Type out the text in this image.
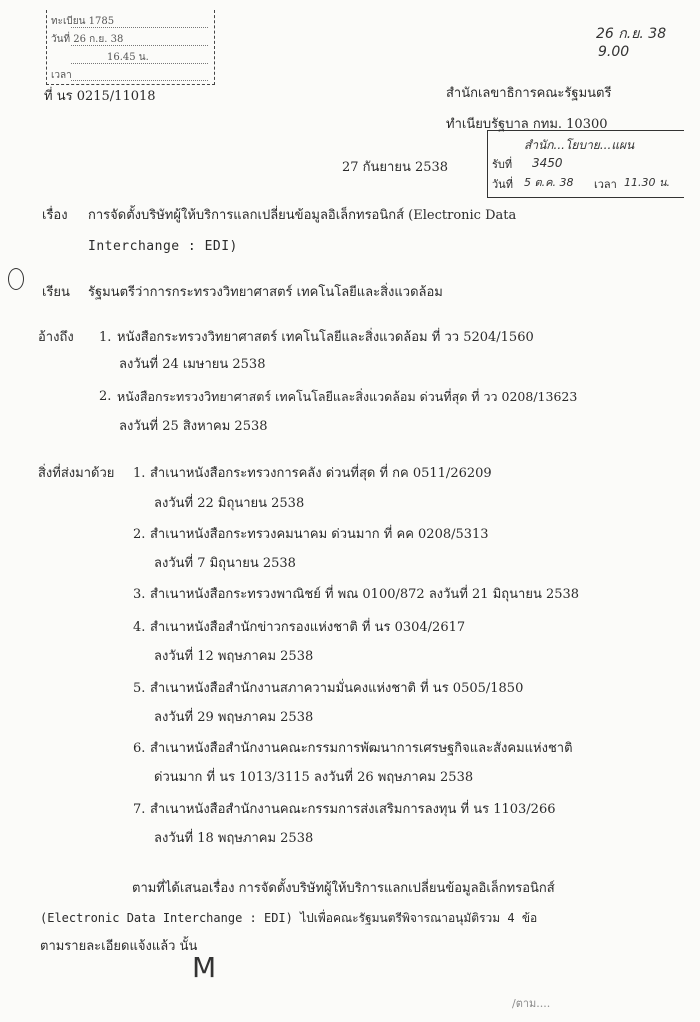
ทะเบียน 1785
วันที่ 26 ก.ย. 38
16.45 น.
เวลา
26 ก.ย. 38
9.00
ที่ นร 0215/11018	สำนักเลขาธิการคณะรัฐมนตรี
ทำเนียบรัฐบาล กทม. 10300
27 กันยายน 2538
สำนัก...โยบาย...แผน
รับที่ 3450
วันที่ 5 ต.ค. 38 เวลา 11.30 น.
เรื่อง การจัดตั้งบริษัทผู้ให้บริการแลกเปลี่ยนข้อมูลอิเล็กทรอนิกส์ (Electronic Data
Interchange : EDI)
เรียน รัฐมนตรีว่าการกระทรวงวิทยาศาสตร์ เทคโนโลยีและสิ่งแวดล้อม
อ้างถึง 1. หนังสือกระทรวงวิทยาศาสตร์ เทคโนโลยีและสิ่งแวดล้อม ที่ วว 5204/1560
ลงวันที่ 24 เมษายน 2538
2. หนังสือกระทรวงวิทยาศาสตร์ เทคโนโลยีและสิ่งแวดล้อม ด่วนที่สุด ที่ วว 0208/13623
ลงวันที่ 25 สิงหาคม 2538
สิ่งที่ส่งมาด้วย 1. สำเนาหนังสือกระทรวงการคลัง ด่วนที่สุด ที่ กค 0511/26209
ลงวันที่ 22 มิถุนายน 2538
2. สำเนาหนังสือกระทรวงคมนาคม ด่วนมาก ที่ คค 0208/5313
ลงวันที่ 7 มิถุนายน 2538
3. สำเนาหนังสือกระทรวงพาณิชย์ ที่ พณ 0100/872 ลงวันที่ 21 มิถุนายน 2538
4. สำเนาหนังสือสำนักข่าวกรองแห่งชาติ ที่ นร 0304/2617
ลงวันที่ 12 พฤษภาคม 2538
5. สำเนาหนังสือสำนักงานสภาความมั่นคงแห่งชาติ ที่ นร 0505/1850
ลงวันที่ 29 พฤษภาคม 2538
6. สำเนาหนังสือสำนักงานคณะกรรมการพัฒนาการเศรษฐกิจและสังคมแห่งชาติ
ด่วนมาก ที่ นร 1013/3115 ลงวันที่ 26 พฤษภาคม 2538
7. สำเนาหนังสือสำนักงานคณะกรรมการส่งเสริมการลงทุน ที่ นร 1103/266
ลงวันที่ 18 พฤษภาคม 2538
ตามที่ได้เสนอเรื่อง การจัดตั้งบริษัทผู้ให้บริการแลกเปลี่ยนข้อมูลอิเล็กทรอนิกส์
(Electronic Data Interchange : EDI) ไปเพื่อคณะรัฐมนตรีพิจารณาอนุมัติรวม 4 ข้อ
ตามรายละเอียดแจ้งแล้ว นั้น
M
/ตาม....
